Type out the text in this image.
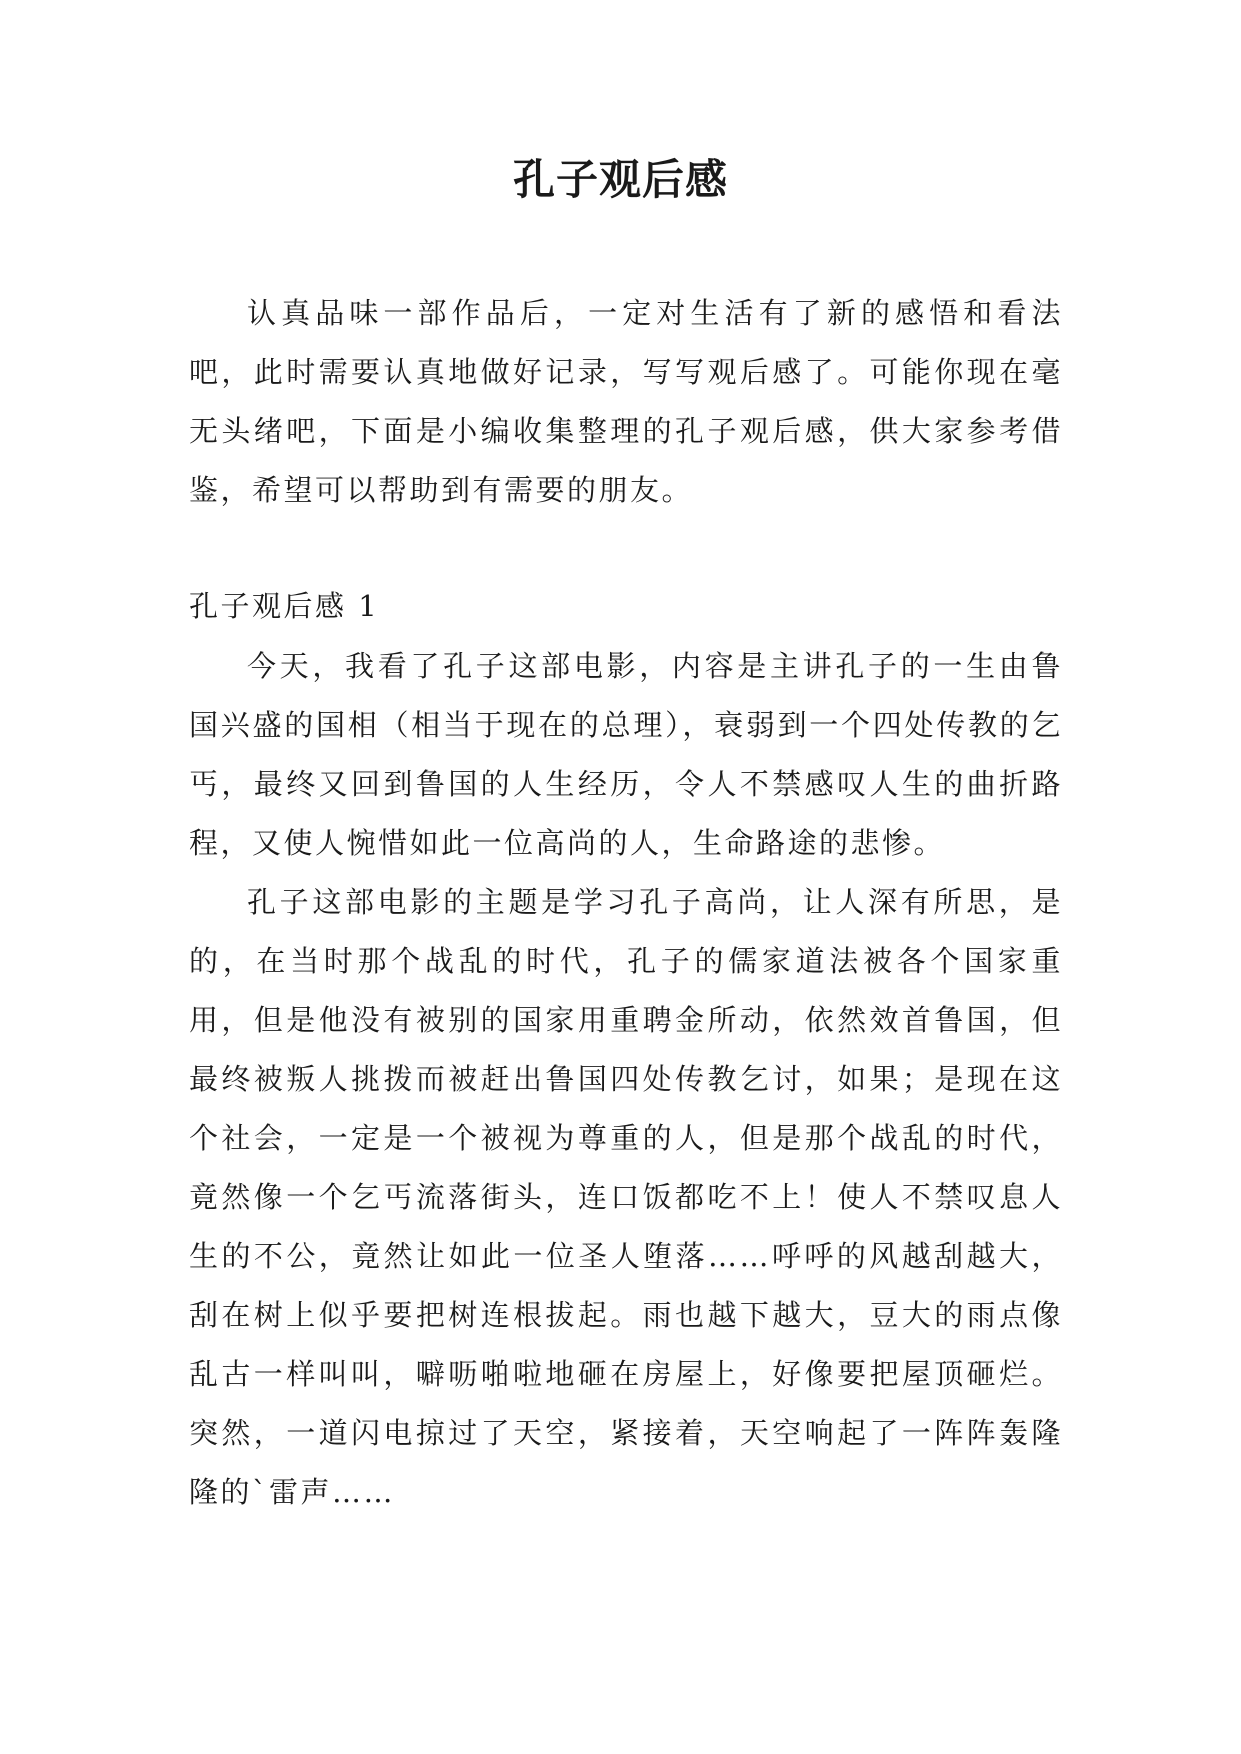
孔子观后感

认真品味一部作品后，一定对生活有了新的感悟和看法吧，此时需要认真地做好记录，写写观后感了。可能你现在毫无头绪吧，下面是小编收集整理的孔子观后感，供大家参考借鉴，希望可以帮助到有需要的朋友。

孔子观后感 1

今天，我看了孔子这部电影，内容是主讲孔子的一生由鲁国兴盛的国相（相当于现在的总理），衰弱到一个四处传教的乞丐，最终又回到鲁国的人生经历，令人不禁感叹人生的曲折路程，又使人惋惜如此一位高尚的人，生命路途的悲惨。

孔子这部电影的主题是学习孔子高尚，让人深有所思，是的，在当时那个战乱的时代，孔子的儒家道法被各个国家重用，但是他没有被别的国家用重聘金所动，依然效首鲁国，但最终被叛人挑拨而被赶出鲁国四处传教乞讨，如果；是现在这个社会，一定是一个被视为尊重的人，但是那个战乱的时代，竟然像一个乞丐流落街头，连口饭都吃不上！使人不禁叹息人生的不公，竟然让如此一位圣人堕落……呼呼的风越刮越大，刮在树上似乎要把树连根拔起。雨也越下越大，豆大的雨点像乱古一样叫叫，噼呖啪啦地砸在房屋上，好像要把屋顶砸烂。突然，一道闪电掠过了天空，紧接着，天空响起了一阵阵轰隆隆的`雷声……
